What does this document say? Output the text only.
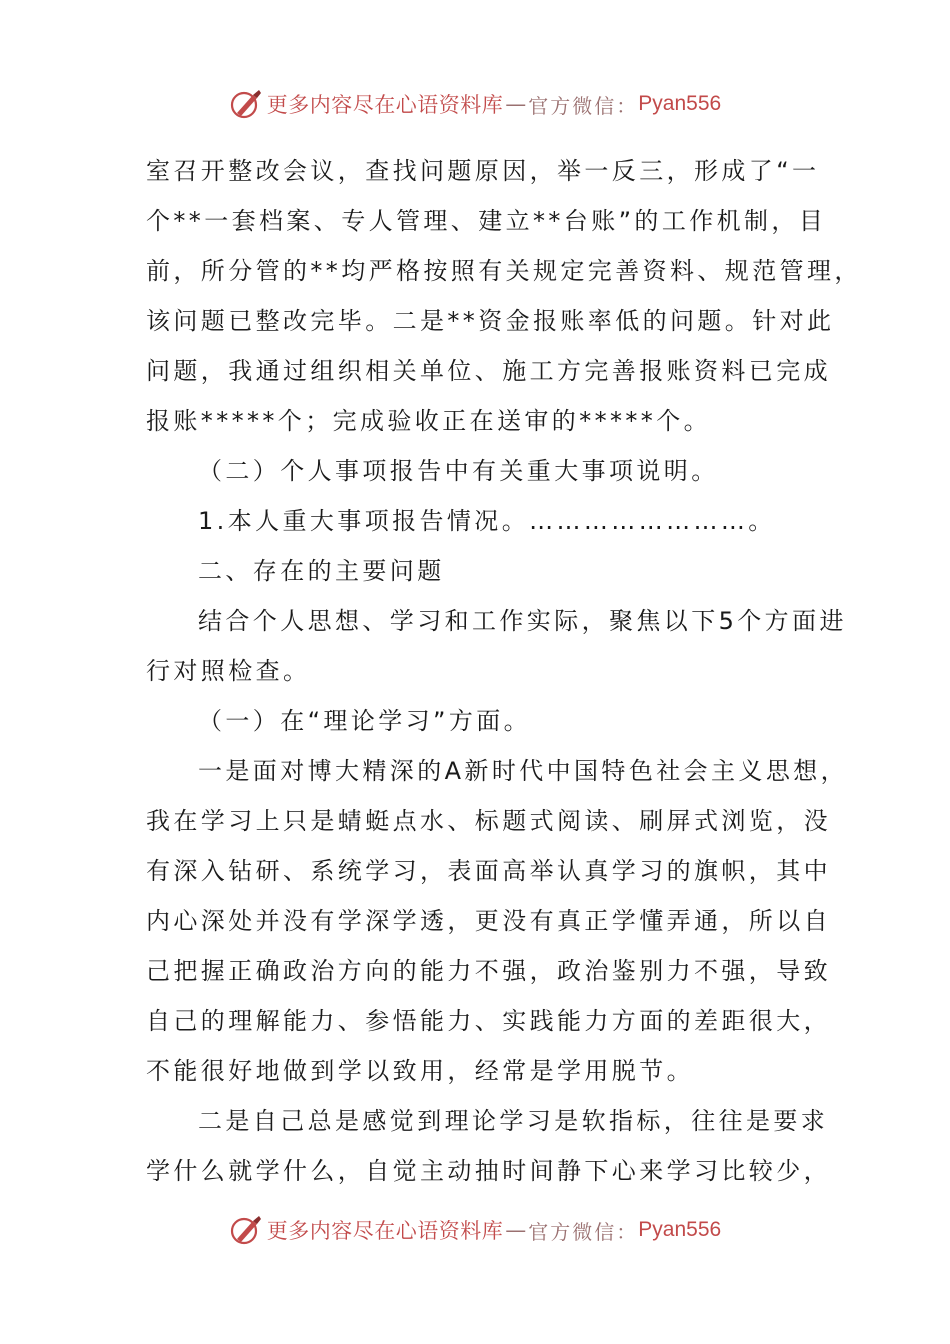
更多内容尽在心语资料库 — 官方微信： Pyan556
室召开整改会议，查找问题原因，举一反三，形成了“一
个**一套档案、专人管理、建立**台账”的工作机制，目
前，所分管的**均严格按照有关规定完善资料、规范管理，
该问题已整改完毕。二是**资金报账率低的问题。针对此
问题，我通过组织相关单位、施工方完善报账资料已完成
报账*****个；完成验收正在送审的*****个。
（二）个人事项报告中有关重大事项说明。
1.本人重大事项报告情况。……………………。
二、存在的主要问题
结合个人思想、学习和工作实际，聚焦以下5个方面进
行对照检查。
（一）在“理论学习”方面。
一是面对博大精深的A新时代中国特色社会主义思想，
我在学习上只是蜻蜓点水、标题式阅读、刷屏式浏览，没
有深入钻研、系统学习，表面高举认真学习的旗帜，其中
内心深处并没有学深学透，更没有真正学懂弄通，所以自
己把握正确政治方向的能力不强，政治鉴别力不强，导致
自己的理解能力、参悟能力、实践能力方面的差距很大，
不能很好地做到学以致用，经常是学用脱节。
二是自己总是感觉到理论学习是软指标，往往是要求
学什么就学什么，自觉主动抽时间静下心来学习比较少，
更多内容尽在心语资料库 — 官方微信： Pyan556
